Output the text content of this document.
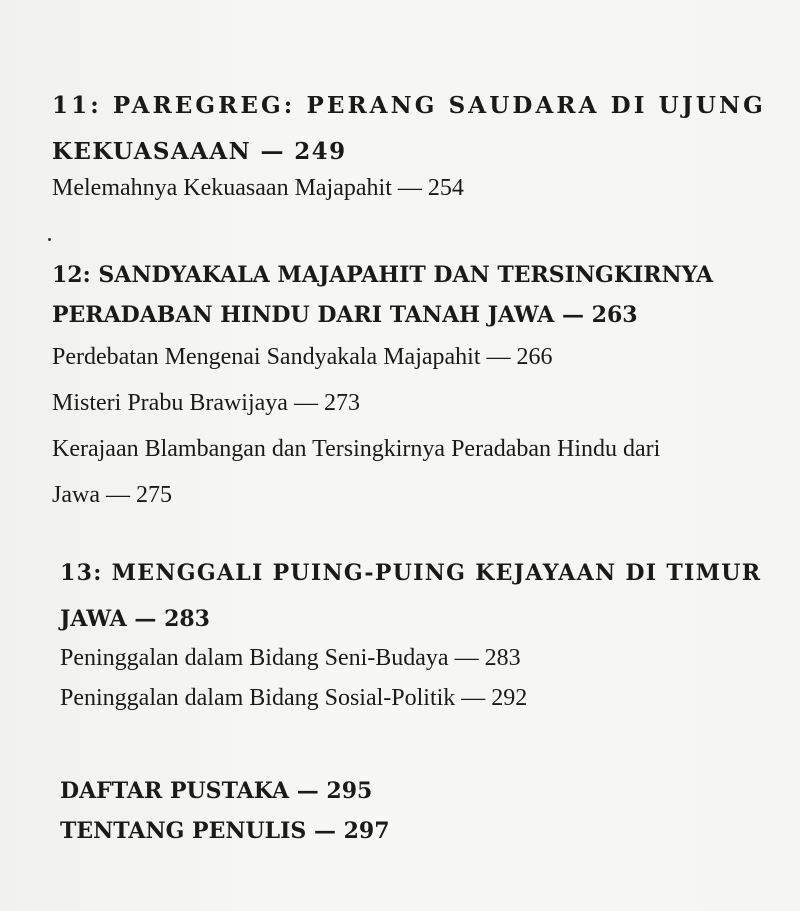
11: PAREGREG: PERANG SAUDARA DI UJUNG
KEKUASAAAN — 249
Melemahnya Kekuasaan Majapahit — 254
12: SANDYAKALA MAJAPAHIT DAN TERSINGKIRNYA
PERADABAN HINDU DARI TANAH JAWA — 263
Perdebatan Mengenai Sandyakala Majapahit — 266
Misteri Prabu Brawijaya — 273
Kerajaan Blambangan dan Tersingkirnya Peradaban Hindu dari
Jawa — 275
13: MENGGALI PUING-PUING KEJAYAAN DI TIMUR
JAWA — 283
Peninggalan dalam Bidang Seni-Budaya — 283
Peninggalan dalam Bidang Sosial-Politik — 292
DAFTAR PUSTAKA — 295
TENTANG PENULIS — 297
